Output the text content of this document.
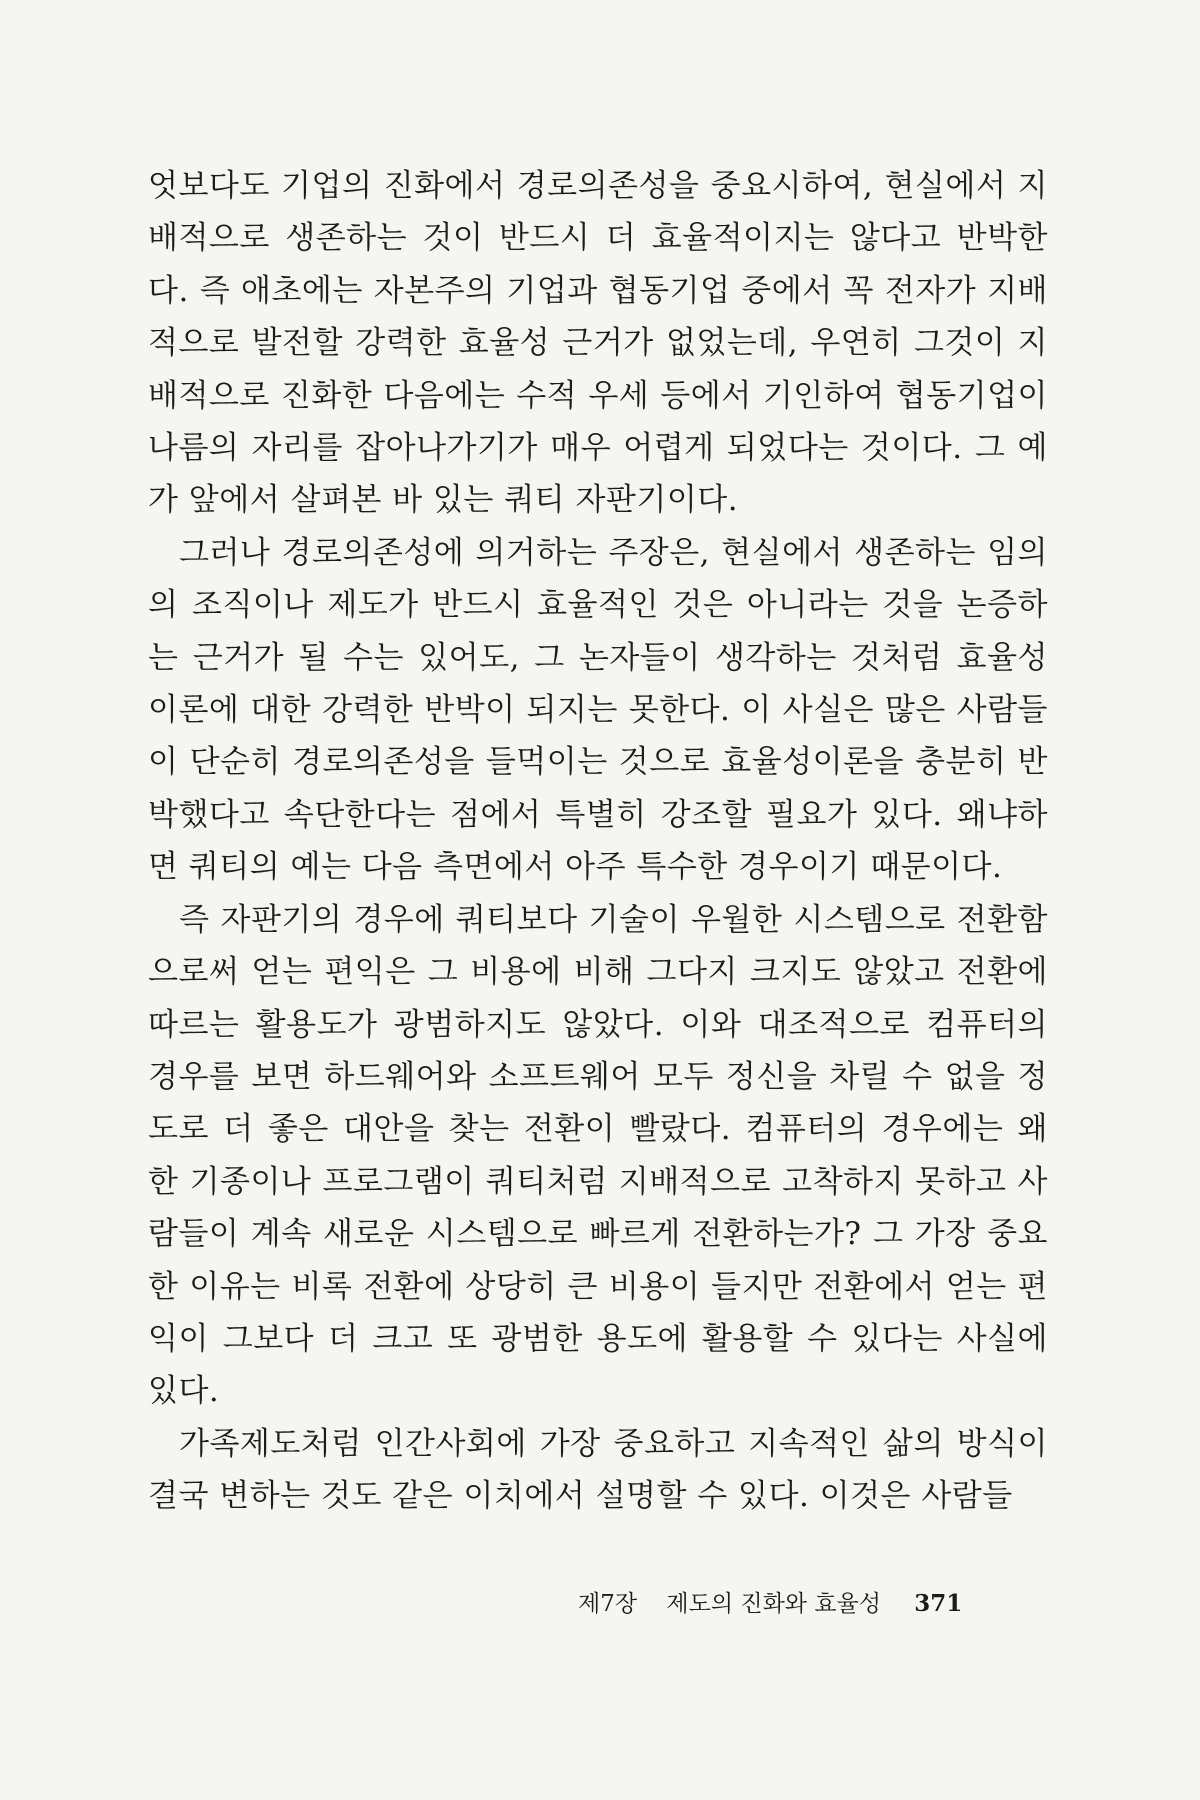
엇보다도 기업의 진화에서 경로의존성을 중요시하여, 현실에서 지배적으로 생존하는 것이 반드시 더 효율적이지는 않다고 반박한다. 즉 애초에는 자본주의 기업과 협동기업 중에서 꼭 전자가 지배적으로 발전할 강력한 효율성 근거가 없었는데, 우연히 그것이 지배적으로 진화한 다음에는 수적 우세 등에서 기인하여 협동기업이 나름의 자리를 잡아나가기가 매우 어렵게 되었다는 것이다. 그 예가 앞에서 살펴본 바 있는 쿼티 자판기이다.

그러나 경로의존성에 의거하는 주장은, 현실에서 생존하는 임의의 조직이나 제도가 반드시 효율적인 것은 아니라는 것을 논증하는 근거가 될 수는 있어도, 그 논자들이 생각하는 것처럼 효율성 이론에 대한 강력한 반박이 되지는 못한다. 이 사실은 많은 사람들이 단순히 경로의존성을 들먹이는 것으로 효율성이론을 충분히 반박했다고 속단한다는 점에서 특별히 강조할 필요가 있다. 왜냐하면 쿼티의 예는 다음 측면에서 아주 특수한 경우이기 때문이다.

즉 자판기의 경우에 쿼티보다 기술이 우월한 시스템으로 전환함으로써 얻는 편익은 그 비용에 비해 그다지 크지도 않았고 전환에 따르는 활용도가 광범하지도 않았다. 이와 대조적으로 컴퓨터의 경우를 보면 하드웨어와 소프트웨어 모두 정신을 차릴 수 없을 정도로 더 좋은 대안을 찾는 전환이 빨랐다. 컴퓨터의 경우에는 왜 한 기종이나 프로그램이 쿼티처럼 지배적으로 고착하지 못하고 사람들이 계속 새로운 시스템으로 빠르게 전환하는가? 그 가장 중요한 이유는 비록 전환에 상당히 큰 비용이 들지만 전환에서 얻는 편익이 그보다 더 크고 또 광범한 용도에 활용할 수 있다는 사실에 있다.

가족제도처럼 인간사회에 가장 중요하고 지속적인 삶의 방식이 결국 변하는 것도 같은 이치에서 설명할 수 있다. 이것은 사람들

제7장 제도의 진화와 효율성 371
